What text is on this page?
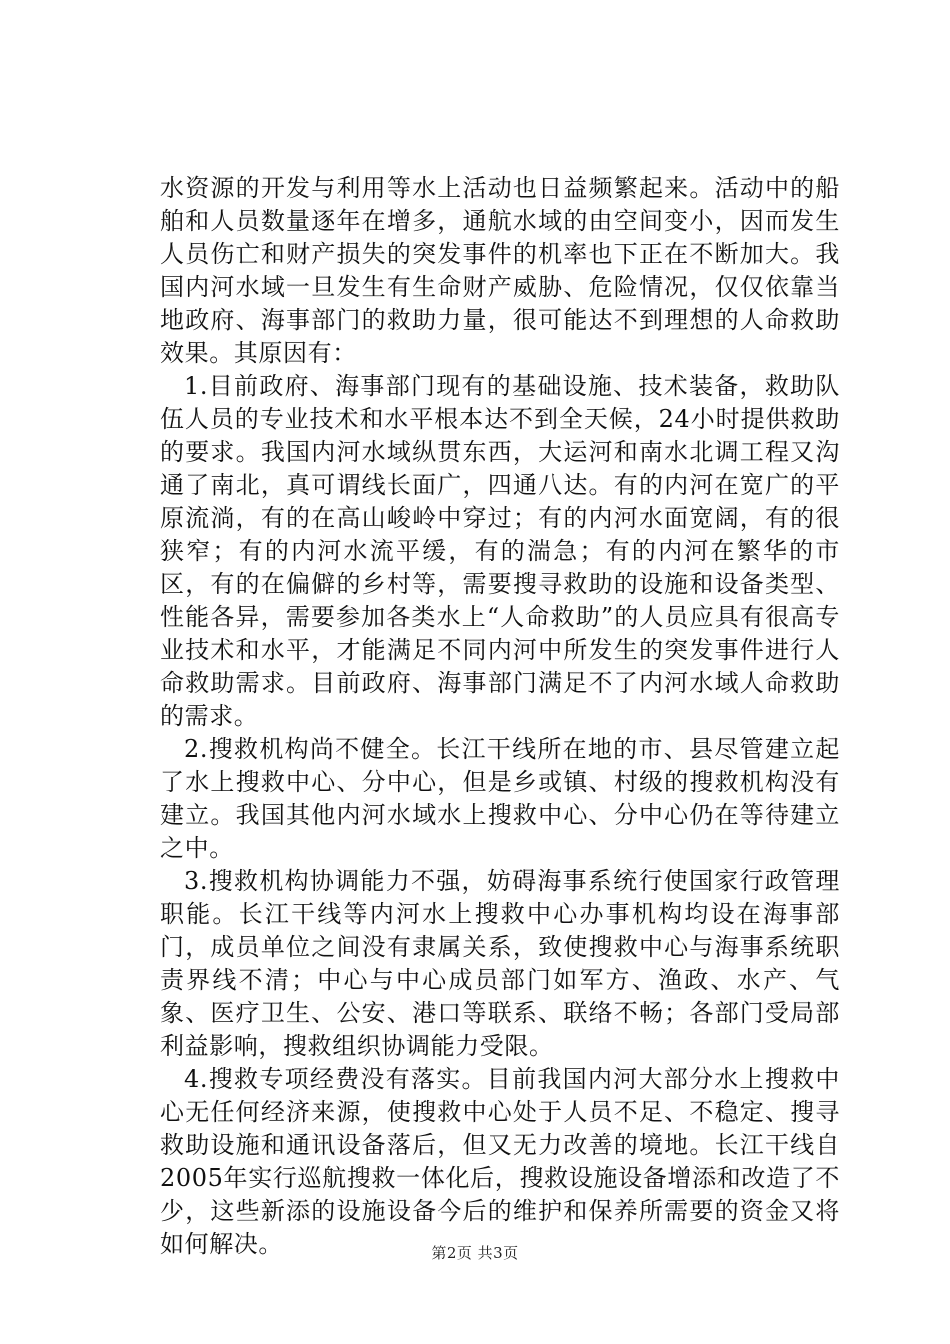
水资源的开发与利用等水上活动也日益频繁起来。活动中的船舶和人员数量逐年在增多，通航水域的由空间变小，因而发生人员伤亡和财产损失的突发事件的机率也下正在不断加大。我国内河水域一旦发生有生命财产威胁、危险情况，仅仅依靠当地政府、海事部门的救助力量，很可能达不到理想的人命救助效果。其原因有：

1.目前政府、海事部门现有的基础设施、技术装备，救助队伍人员的专业技术和水平根本达不到全天候，24小时提供救助的要求。我国内河水域纵贯东西，大运河和南水北调工程又沟通了南北，真可谓线长面广，四通八达。有的内河在宽广的平原流淌，有的在高山峻岭中穿过；有的内河水面宽阔，有的很狭窄；有的内河水流平缓，有的湍急；有的内河在繁华的市区，有的在偏僻的乡村等，需要搜寻救助的设施和设备类型、性能各异，需要参加各类水上“人命救助”的人员应具有很高专业技术和水平，才能满足不同内河中所发生的突发事件进行人命救助需求。目前政府、海事部门满足不了内河水域人命救助的需求。

2.搜救机构尚不健全。长江干线所在地的市、县尽管建立起了水上搜救中心、分中心，但是乡或镇、村级的搜救机构没有建立。我国其他内河水域水上搜救中心、分中心仍在等待建立之中。

3.搜救机构协调能力不强，妨碍海事系统行使国家行政管理职能。长江干线等内河水上搜救中心办事机构均设在海事部门，成员单位之间没有隶属关系，致使搜救中心与海事系统职责界线不清；中心与中心成员部门如军方、渔政、水产、气象、医疗卫生、公安、港口等联系、联络不畅；各部门受局部利益影响，搜救组织协调能力受限。

4.搜救专项经费没有落实。目前我国内河大部分水上搜救中心无任何经济来源，使搜救中心处于人员不足、不稳定、搜寻救助设施和通讯设备落后，但又无力改善的境地。长江干线自2005年实行巡航搜救一体化后，搜救设施设备增添和改造了不少，这些新添的设施设备今后的维护和保养所需要的资金又将如何解决。	第2页 共3页
